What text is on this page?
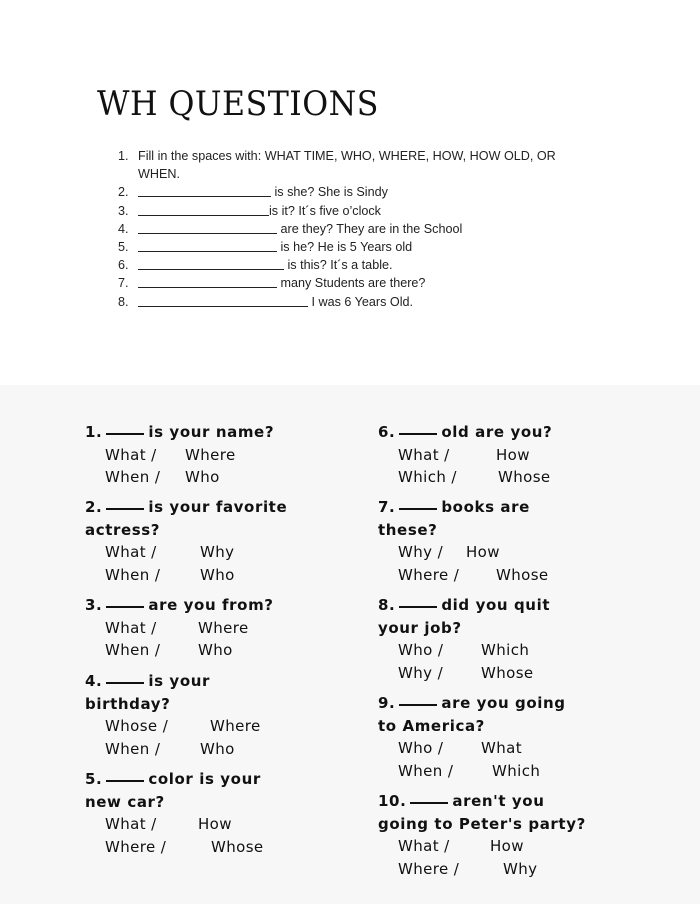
WH QUESTIONS
1. Fill in the spaces with: WHAT TIME, WHO, WHERE, HOW, HOW OLD, OR
WHEN.
2.	is she? She is Sindy
3.	is it? It´s five o’clock
4.	are they? They are in the School
5.	is he? He is 5 Years old
6.	is this? It´s a table.
7.	many Students are there?
8.	I was 6 Years Old.
1.	is your name?
What / Where
When / Who
2.	is your favorite
actress?
What /	Why
When /	Who
3.	are you from?
What /	Where
When /	Who
4.	is your
birthday?
Whose /	Where
When /	Who
5.	color is your
new car?
What /	How
Where /	Whose
6.	old are you?
What /	How
Which /	Whose
7.	books are
these?
Why / How
Where / Whose
8.	did you quit
your job?
Who /	Which
Why /	Whose
9.	are you going
to America?
Who /	What
When /	Which
10.	aren't you
going to Peter's party?
What /	How
Where /	Why
